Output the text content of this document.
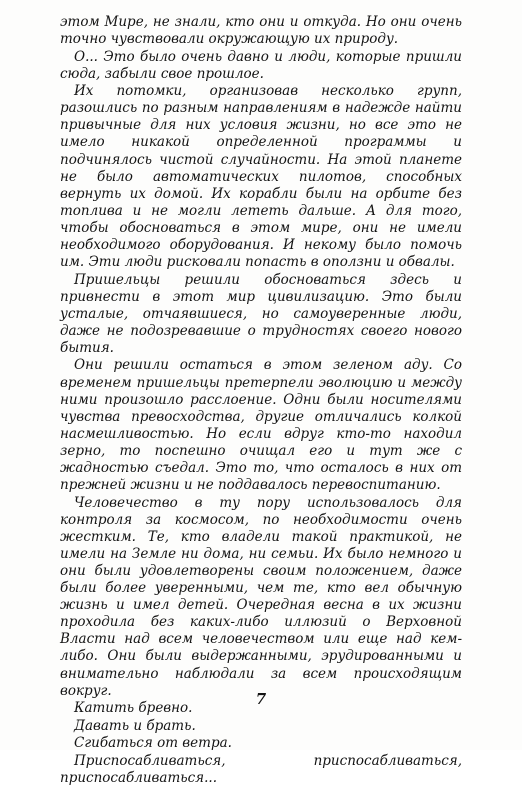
этом Мире, не знали, кто они и откуда. Но они очень точно чувствовали окружающую их природу.

О... Это было очень давно и люди, которые пришли сюда, забыли свое прошлое.

Их потомки, организовав несколько групп, разошлись по разным направлениям в надежде найти привычные для них условия жизни, но все это не имело никакой определенной программы и подчинялось чистой случайности. На этой планете не было автоматических пилотов, способных вернуть их домой. Их корабли были на орбите без топлива и не могли лететь дальше. А для того, чтобы обосноваться в этом мире, они не имели необходимого оборудования. И некому было помочь им. Эти люди рисковали попасть в оползни и обвалы.

Пришельцы решили обосноваться здесь и привнести в этот мир цивилизацию. Это были усталые, отчаявшиеся, но самоуверенные люди, даже не подозревавшие о трудностях своего нового бытия.

Они решили остаться в этом зеленом аду. Со временем пришельцы претерпели эволюцию и между ними произошло расслоение. Одни были носителями чувства превосходства, другие отличались колкой насмешливостью. Но если вдруг кто-то находил зерно, то поспешно очищал его и тут же с жадностью съедал. Это то, что осталось в них от прежней жизни и не поддавалось перевоспитанию.

Человечество в ту пору использовалось для контроля за космосом, по необходимости очень жестким. Те, кто владели такой практикой, не имели на Земле ни дома, ни семьи. Их было немного и они были удовлетворены своим положением, даже были более уверенными, чем те, кто вел обычную жизнь и имел детей. Очередная весна в их жизни проходила без каких-либо иллюзий о Верховной Власти над всем человечеством или еще над кем-либо. Они были выдержанными, эрудированными и внимательно наблюдали за всем происходящим вокруг.

Катить бревно.

Давать и брать.

Сгибаться от ветра.

Приспосабливаться, приспосабливаться, приспосабливаться...

7
